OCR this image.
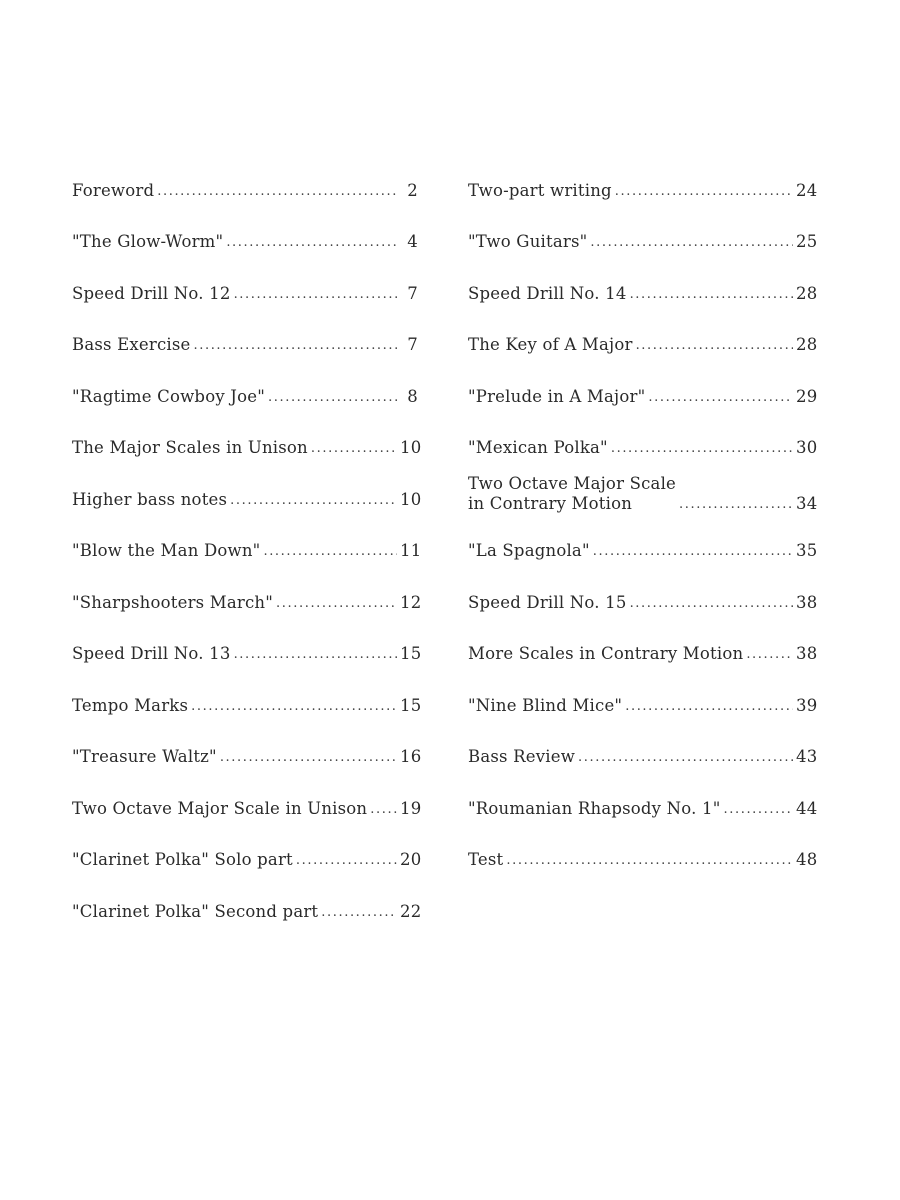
Foreword .....	2
"The Glow-Worm" .....	4
Speed Drill No. 12 .....	7
Bass Exercise .....	7
"Ragtime Cowboy Joe" .....	8
The Major Scales in Unison .....	10
Higher bass notes .....	10
"Blow the Man Down" .....	11
"Sharpshooters March" .....	12
Speed Drill No. 13 .....	15
Tempo Marks .....	15
"Treasure Waltz" .....	16
Two Octave Major Scale in Unison ..... 19
"Clarinet Polka" Solo part .....	20
"Clarinet Polka" Second part .....	22
Two-part writing .....	24
"Two Guitars" .....	25
Speed Drill No. 14 .....	28
The Key of A Major .....	28
"Prelude in A Major" .....	29
"Mexican Polka" .....	30
Two Octave Major Scale
in Contrary Motion .....	34
"La Spagnola" .....	35
Speed Drill No. 15 .....	38
More Scales in Contrary Motion .....	38
"Nine Blind Mice" .....	39
Bass Review .....	43
"Roumanian Rhapsody No. 1" .....	44
Test .....	48
